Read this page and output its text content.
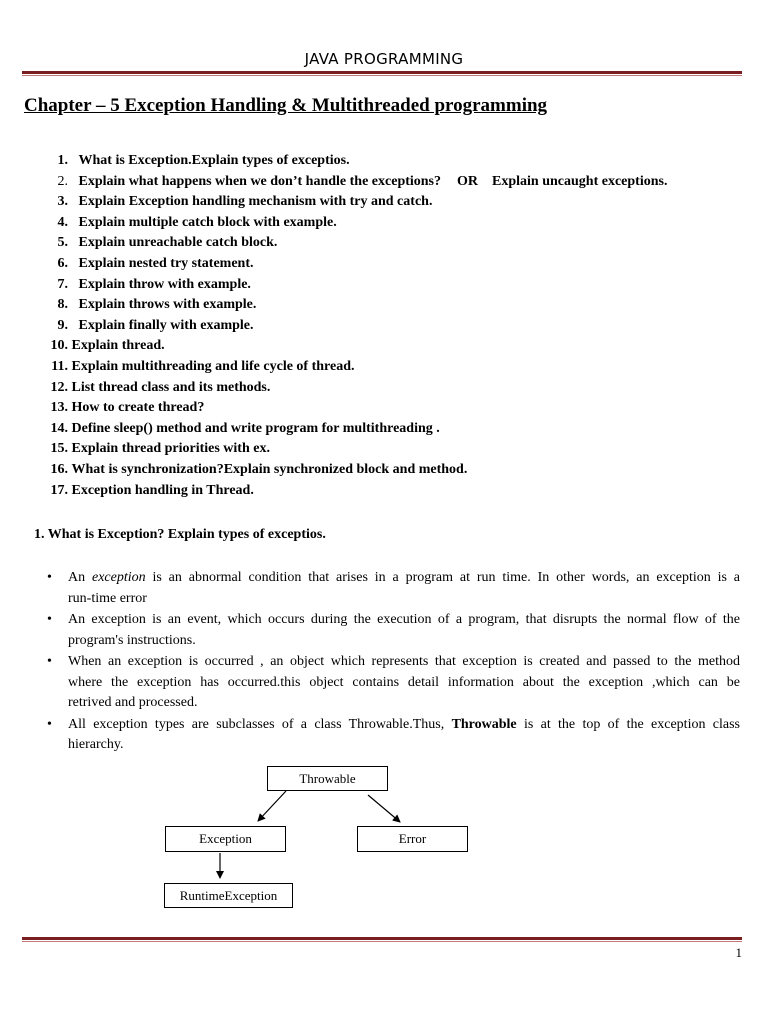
JAVA PROGRAMMING
Chapter – 5 Exception Handling & Multithreaded programming
1. What is Exception.Explain types of exceptios.
2. Explain what happens when we don’t handle the exceptions? OR Explain uncaught exceptions.
3. Explain Exception handling mechanism with try and catch.
4. Explain multiple catch block with example.
5. Explain unreachable catch block.
6. Explain nested try statement.
7. Explain throw with example.
8. Explain throws with example.
9. Explain finally with example.
10. Explain thread.
11. Explain multithreading and life cycle of thread.
12. List thread class and its methods.
13. How to create thread?
14. Define sleep() method and write program for multithreading .
15. Explain thread priorities with ex.
16. What is synchronization?Explain synchronized block and method.
17. Exception handling in Thread.
1. What is Exception? Explain types of exceptios.
• An exception is an abnormal condition that arises in a program at run time. In other words, an exception is a
run-time error
• An exception is an event, which occurs during the execution of a program, that disrupts the normal flow of the
program's instructions.
• When an exception is occurred , an object which represents that exception is created and passed to the method
where the exception has occurred.this object contains detail information about the exception ,which can be
retrived and processed.
• All exception types are subclasses of a class Throwable.Thus, Throwable is at the top of the exception class
hierarchy.
Throwable
Exception	Error
RuntimeException
1
